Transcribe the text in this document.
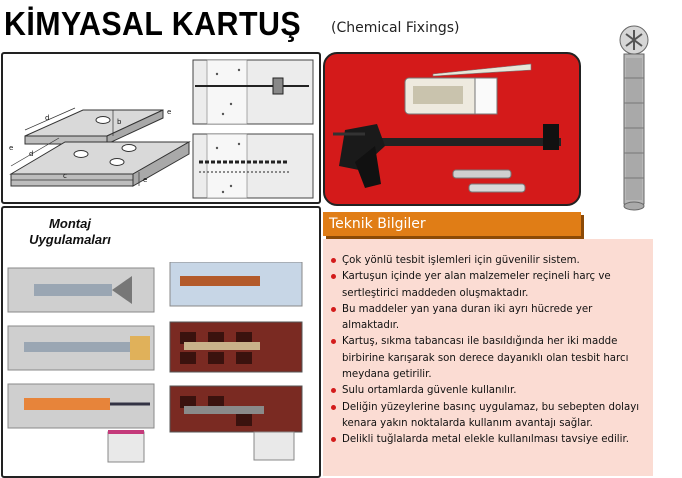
KİMYASAL KARTUŞ (Chemical Fixings)
d	b
e
d
e
e
c
Montaj
Uygulamaları
Teknik Bilgiler
Çok yönlü tesbit işlemleri için güvenilir sistem.
Kartuşun içinde yer alan malzemeler reçineli harç ve sertleştirici maddeden oluşmaktadır.
Bu maddeler yan yana duran iki ayrı hücrede yer almaktadır.
Kartuş, sıkma tabancası ile basıldığında her iki madde birbirine karışarak son derece dayanıklı olan tesbit harcı meydana getirilir.
Sulu ortamlarda güvenle kullanılır.
Deliğin yüzeylerine basınç uygulamaz, bu sebepten dolayı kenara yakın noktalarda kullanım avantajı sağlar.
Delikli tuğlalarda metal elekle kullanılması tavsiye edilir.
